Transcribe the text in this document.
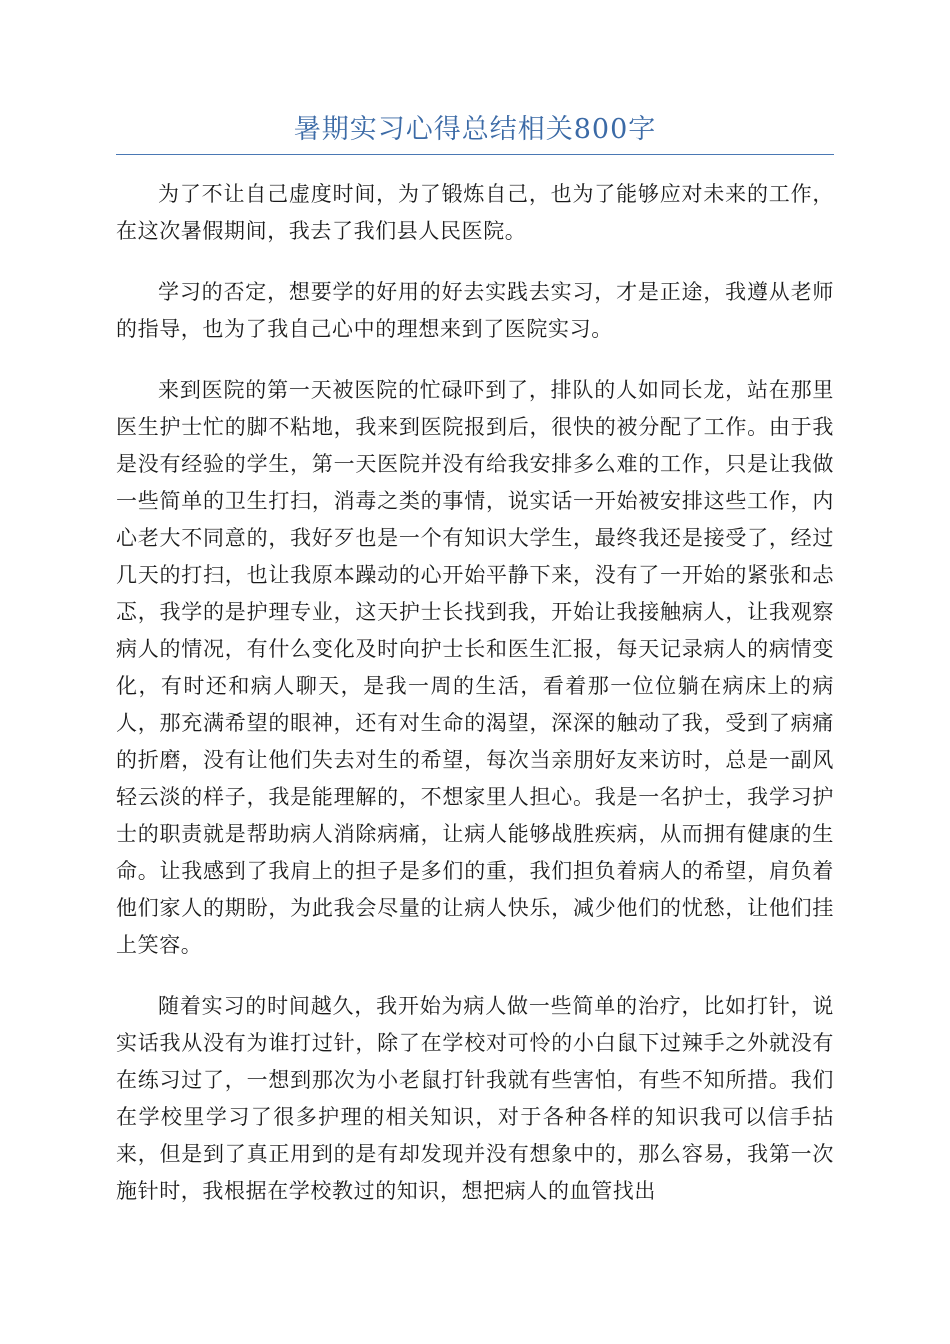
暑期实习心得总结相关800字

为了不让自己虚度时间，为了锻炼自己，也为了能够应对未来的工作，在这次暑假期间，我去了我们县人民医院。

学习的否定，想要学的好用的好去实践去实习，才是正途，我遵从老师的指导，也为了我自己心中的理想来到了医院实习。

来到医院的第一天被医院的忙碌吓到了，排队的人如同长龙，站在那里医生护士忙的脚不粘地，我来到医院报到后，很快的被分配了工作。由于我是没有经验的学生，第一天医院并没有给我安排多么难的工作，只是让我做一些简单的卫生打扫，消毒之类的事情，说实话一开始被安排这些工作，内心老大不同意的，我好歹也是一个有知识大学生，最终我还是接受了，经过几天的打扫，也让我原本躁动的心开始平静下来，没有了一开始的紧张和忐忑，我学的是护理专业，这天护士长找到我，开始让我接触病人，让我观察病人的情况，有什么变化及时向护士长和医生汇报，每天记录病人的病情变化，有时还和病人聊天，是我一周的生活，看着那一位位躺在病床上的病人，那充满希望的眼神，还有对生命的渴望，深深的触动了我，受到了病痛的折磨，没有让他们失去对生的希望，每次当亲朋好友来访时，总是一副风轻云淡的样子，我是能理解的，不想家里人担心。我是一名护士，我学习护士的职责就是帮助病人消除病痛，让病人能够战胜疾病，从而拥有健康的生命。让我感到了我肩上的担子是多们的重，我们担负着病人的希望，肩负着他们家人的期盼，为此我会尽量的让病人快乐，减少他们的忧愁，让他们挂上笑容。

随着实习的时间越久，我开始为病人做一些简单的治疗，比如打针，说实话我从没有为谁打过针，除了在学校对可怜的小白鼠下过辣手之外就没有在练习过了，一想到那次为小老鼠打针我就有些害怕，有些不知所措。我们在学校里学习了很多护理的相关知识，对于各种各样的知识我可以信手拈来，但是到了真正用到的是有却发现并没有想象中的，那么容易，我第一次施针时，我根据在学校教过的知识，想把病人的血管找出
